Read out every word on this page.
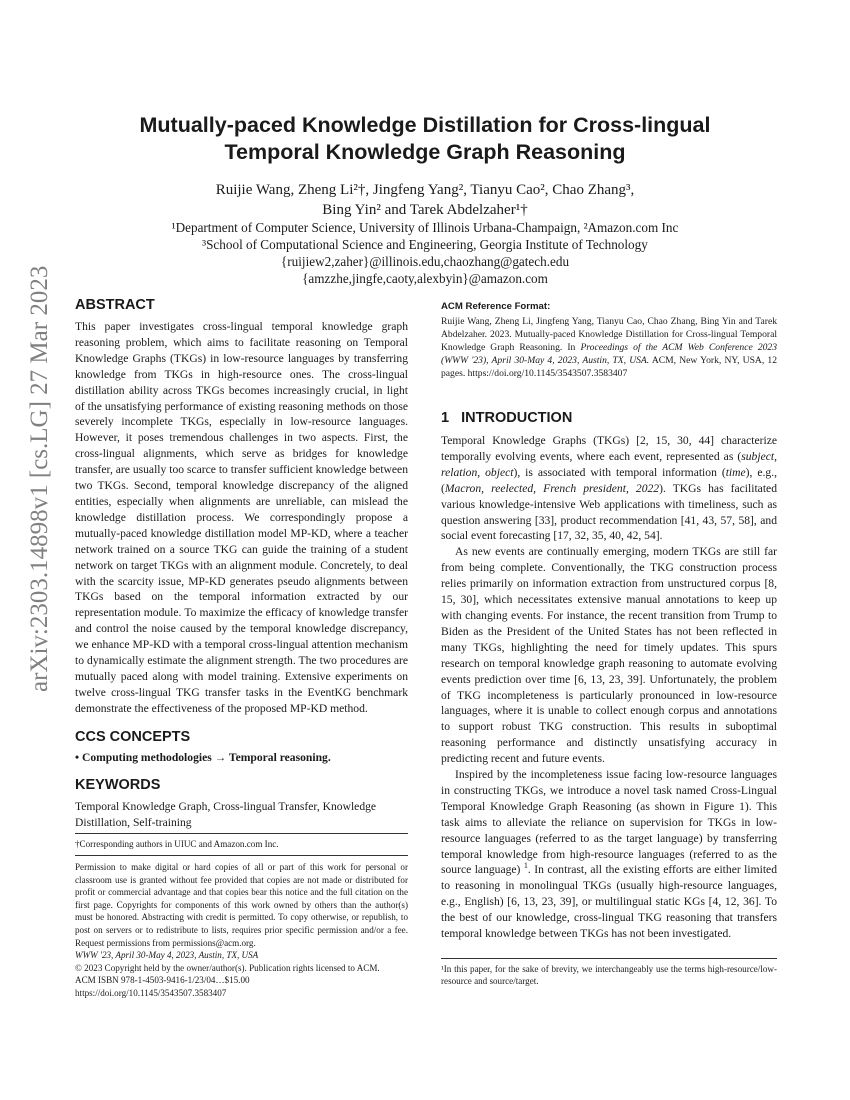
arXiv:2303.14898v1 [cs.LG] 27 Mar 2023
Mutually-paced Knowledge Distillation for Cross-lingual
Temporal Knowledge Graph Reasoning
Ruijie Wang, Zheng Li²†, Jingfeng Yang², Tianyu Cao², Chao Zhang³,
Bing Yin² and Tarek Abdelzaher¹†
¹Department of Computer Science, University of Illinois Urbana-Champaign, ²Amazon.com Inc
³School of Computational Science and Engineering, Georgia Institute of Technology
{ruijiew2,zaher}@illinois.edu,chaozhang@gatech.edu
{amzzhe,jingfe,caoty,alexbyin}@amazon.com
ABSTRACT
This paper investigates cross-lingual temporal knowledge graph reasoning problem, which aims to facilitate reasoning on Temporal Knowledge Graphs (TKGs) in low-resource languages by transferring knowledge from TKGs in high-resource ones. The cross-lingual distillation ability across TKGs becomes increasingly crucial, in light of the unsatisfying performance of existing reasoning methods on those severely incomplete TKGs, especially in low-resource languages. However, it poses tremendous challenges in two aspects. First, the cross-lingual alignments, which serve as bridges for knowledge transfer, are usually too scarce to transfer sufficient knowledge between two TKGs. Second, temporal knowledge discrepancy of the aligned entities, especially when alignments are unreliable, can mislead the knowledge distillation process. We correspondingly propose a mutually-paced knowledge distillation model MP-KD, where a teacher network trained on a source TKG can guide the training of a student network on target TKGs with an alignment module. Concretely, to deal with the scarcity issue, MP-KD generates pseudo alignments between TKGs based on the temporal information extracted by our representation module. To maximize the efficacy of knowledge transfer and control the noise caused by the temporal knowledge discrepancy, we enhance MP-KD with a temporal cross-lingual attention mechanism to dynamically estimate the alignment strength. The two procedures are mutually paced along with model training. Extensive experiments on twelve cross-lingual TKG transfer tasks in the EventKG benchmark demonstrate the effectiveness of the proposed MP-KD method.
CCS CONCEPTS
• Computing methodologies → Temporal reasoning.
KEYWORDS
Temporal Knowledge Graph, Cross-lingual Transfer, Knowledge Distillation, Self-training
†Corresponding authors in UIUC and Amazon.com Inc.
Permission to make digital or hard copies of all or part of this work for personal or classroom use is granted without fee provided that copies are not made or distributed for profit or commercial advantage and that copies bear this notice and the full citation on the first page. Copyrights for components of this work owned by others than the author(s) must be honored. Abstracting with credit is permitted. To copy otherwise, or republish, to post on servers or to redistribute to lists, requires prior specific permission and/or a fee. Request permissions from permissions@acm.org.
WWW '23, April 30-May 4, 2023, Austin, TX, USA
© 2023 Copyright held by the owner/author(s). Publication rights licensed to ACM.
ACM ISBN 978-1-4503-9416-1/23/04…$15.00
https://doi.org/10.1145/3543507.3583407
ACM Reference Format:
Ruijie Wang, Zheng Li, Jingfeng Yang, Tianyu Cao, Chao Zhang, Bing Yin and Tarek Abdelzaher. 2023. Mutually-paced Knowledge Distillation for Cross-lingual Temporal Knowledge Graph Reasoning. In Proceedings of the ACM Web Conference 2023 (WWW '23), April 30-May 4, 2023, Austin, TX, USA. ACM, New York, NY, USA, 12 pages. https://doi.org/10.1145/3543507.3583407
1   INTRODUCTION

Temporal Knowledge Graphs (TKGs) [2, 15, 30, 44] characterize temporally evolving events, where each event, represented as (subject, relation, object), is associated with temporal information (time), e.g., (Macron, reelected, French president, 2022). TKGs has facilitated various knowledge-intensive Web applications with timeliness, such as question answering [33], product recommendation [41, 43, 57, 58], and social event forecasting [17, 32, 35, 40, 42, 54].

As new events are continually emerging, modern TKGs are still far from being complete. Conventionally, the TKG construction process relies primarily on information extraction from unstructured corpus [8, 15, 30], which necessitates extensive manual annotations to keep up with changing events. For instance, the recent transition from Trump to Biden as the President of the United States has not been reflected in many TKGs, highlighting the need for timely updates. This spurs research on temporal knowledge graph reasoning to automate evolving events prediction over time [6, 13, 23, 39]. Unfortunately, the problem of TKG incompleteness is particularly pronounced in low-resource languages, where it is unable to collect enough corpus and annotations to support robust TKG construction. This results in suboptimal reasoning performance and distinctly unsatisfying accuracy in predicting recent and future events.

Inspired by the incompleteness issue facing low-resource languages in constructing TKGs, we introduce a novel task named Cross-Lingual Temporal Knowledge Graph Reasoning (as shown in Figure 1). This task aims to alleviate the reliance on supervision for TKGs in low-resource languages (referred to as the target language) by transferring temporal knowledge from high-resource languages (referred to as the source language) $^1$. In contrast, all the existing efforts are either limited to reasoning in monolingual TKGs (usually high-resource languages, e.g., English) [6, 13, 23, 39], or multilingual static KGs [4, 12, 36]. To the best of our knowledge, cross-lingual TKG reasoning that transfers temporal knowledge between TKGs has not been investigated.

¹In this paper, for the sake of brevity, we interchangeably use the terms high-resource/low-resource and source/target.
